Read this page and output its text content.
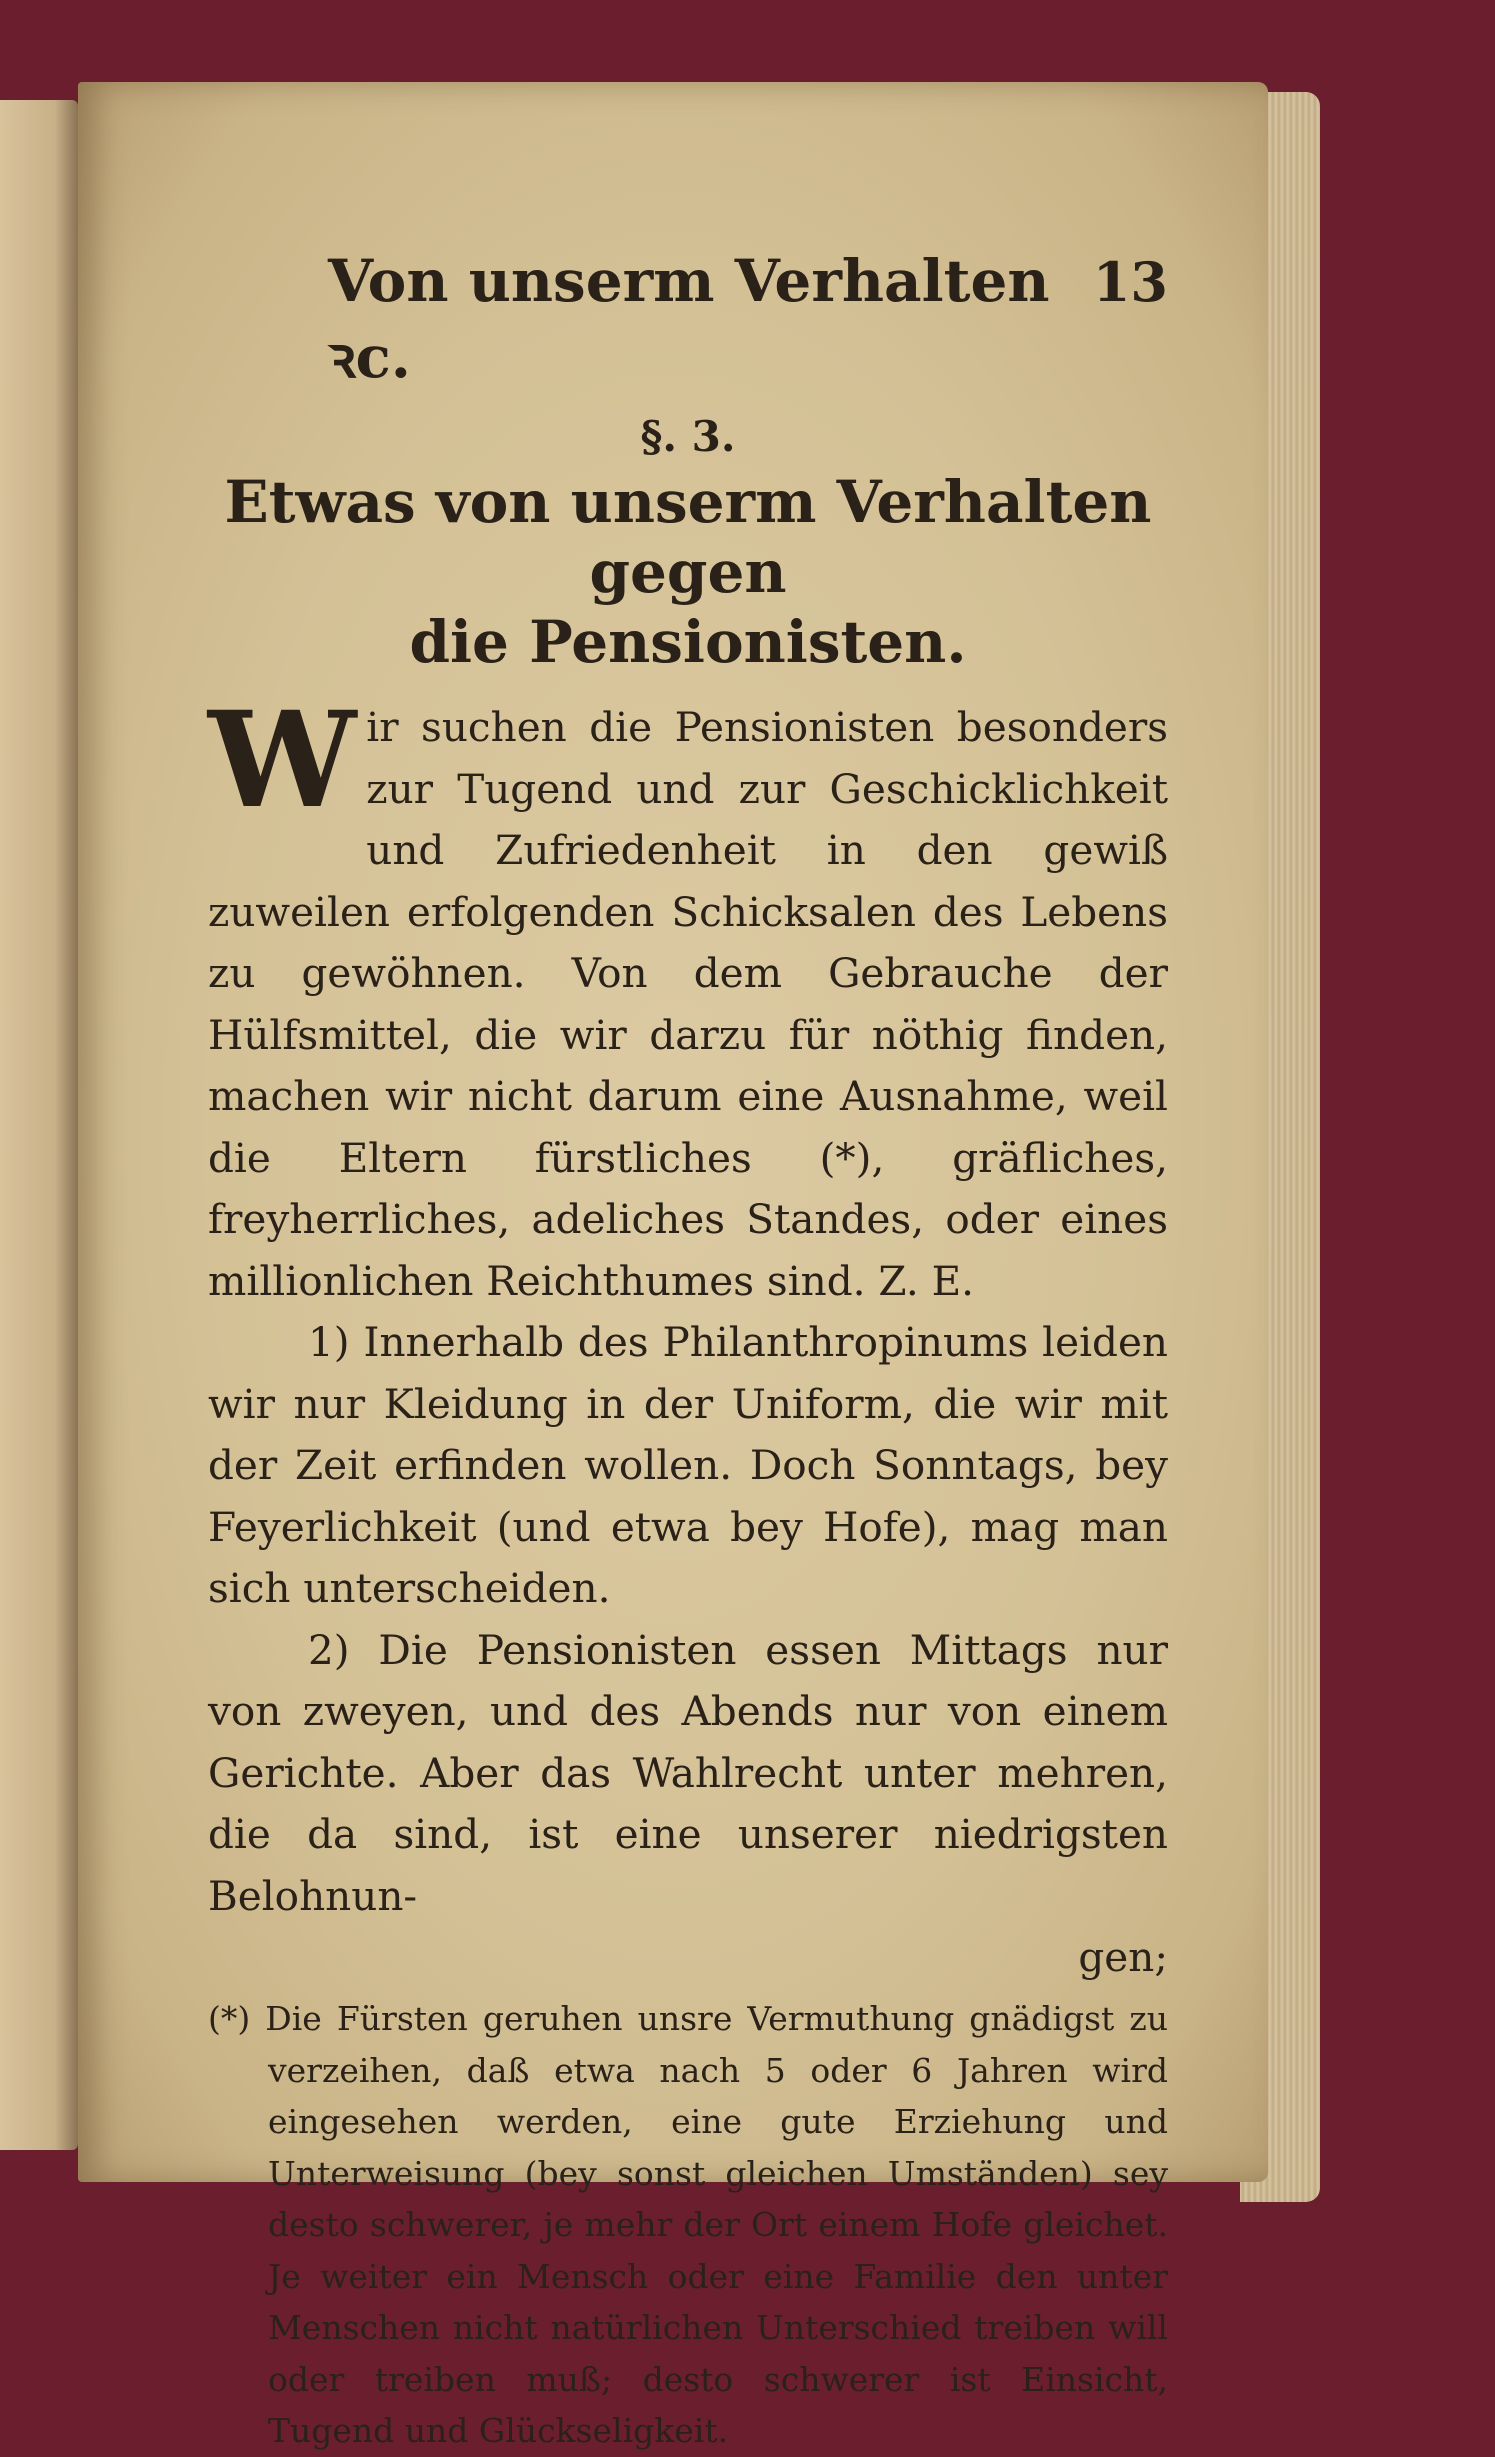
Von unserm Verhalten ꝛc.
13
§. 3.
Etwas von unserm Verhalten gegen
die Pensionisten.

Wir suchen die Pensionisten besonders zur Tugend und zur Geschicklichkeit und Zufriedenheit in den gewiß zuweilen erfolgenden Schicksalen des Lebens zu gewöhnen. Von dem Gebrauche der Hülfsmittel, die wir darzu für nöthig finden, machen wir nicht darum eine Ausnahme, weil die Eltern fürstliches (*), gräfliches, freyherrliches, adeliches Standes, oder eines millionlichen Reichthumes sind. Z. E.

1) Innerhalb des Philanthropinums leiden wir nur Kleidung in der Uniform, die wir mit der Zeit erfinden wollen. Doch Sonntags, bey Feyerlichkeit (und etwa bey Hofe), mag man sich unterscheiden.

2) Die Pensionisten essen Mittags nur von zweyen, und des Abends nur von einem Gerichte. Aber das Wahlrecht unter mehren, die da sind, ist eine unserer niedrigsten Belohnun-

gen;
(*) Die Fürsten geruhen unsre Vermuthung gnädigst zu verzeihen, daß etwa nach 5 oder 6 Jahren wird eingesehen werden, eine gute Erziehung und Unterweisung (bey sonst gleichen Umständen) sey desto schwerer, je mehr der Ort einem Hofe gleichet. Je weiter ein Mensch oder eine Familie den unter Menschen nicht natürlichen Unterschied treiben will oder treiben muß; desto schwerer ist Einsicht, Tugend und Glückseligkeit.
